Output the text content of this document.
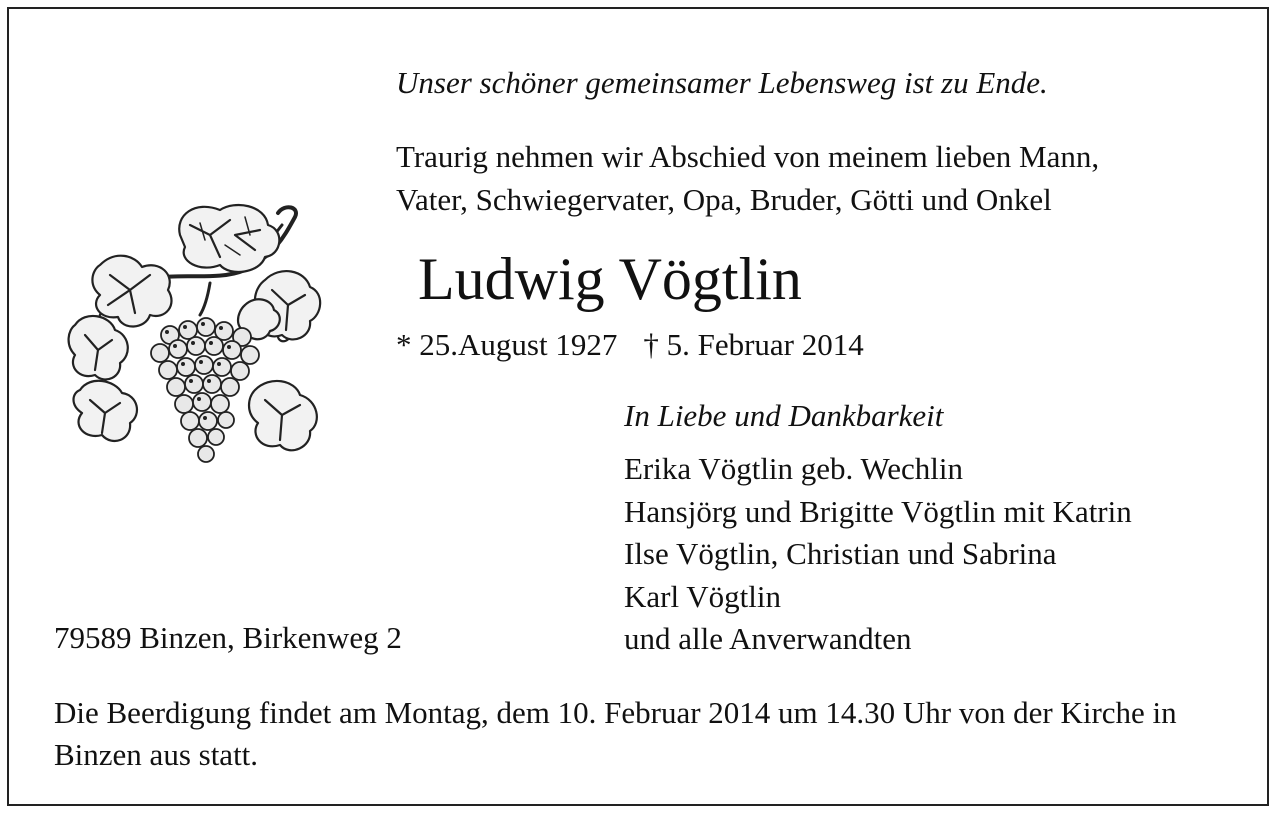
Unser schöner gemeinsamer Lebensweg ist zu Ende.
Traurig nehmen wir Abschied von meinem lieben Mann,
Vater, Schwiegervater, Opa, Bruder, Götti und Onkel
Ludwig Vögtlin
* 25.August 1927 † 5. Februar 2014
In Liebe und Dankbarkeit
Erika Vögtlin geb. Wechlin
Hansjörg und Brigitte Vögtlin mit Katrin
Ilse Vögtlin, Christian und Sabrina
Karl Vögtlin
und alle Anverwandten
79589 Binzen, Birkenweg 2
Die Beerdigung findet am Montag, dem 10. Februar 2014 um 14.30 Uhr von der Kirche in Binzen aus statt.
